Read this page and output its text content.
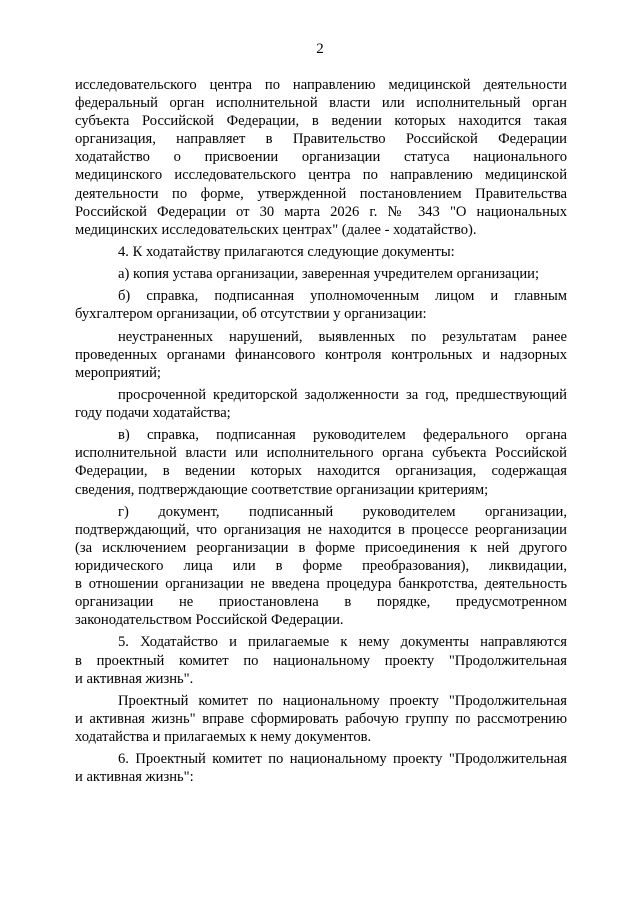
2
исследовательского центра по направлению медицинской деятельности
федеральный орган исполнительной власти или исполнительный орган
субъекта Российской Федерации, в ведении которых находится такая
организация, направляет в Правительство Российской Федерации
ходатайство о присвоении организации статуса национального
медицинского исследовательского центра по направлению медицинской
деятельности по форме, утвержденной постановлением Правительства
Российской Федерации от 30 марта 2026 г. № 343 "О национальных
медицинских исследовательских центрах" (далее - ходатайство).
4. К ходатайству прилагаются следующие документы:
а) копия устава организации, заверенная учредителем организации;
б) справка, подписанная уполномоченным лицом и главным
бухгалтером организации, об отсутствии у организации:
неустраненных нарушений, выявленных по результатам ранее
проведенных органами финансового контроля контрольных и надзорных
мероприятий;
просроченной кредиторской задолженности за год, предшествующий
году подачи ходатайства;
в) справка, подписанная руководителем федерального органа
исполнительной власти или исполнительного органа субъекта Российской
Федерации, в ведении которых находится организация, содержащая
сведения, подтверждающие соответствие организации критериям;
г) документ, подписанный руководителем организации,
подтверждающий, что организация не находится в процессе реорганизации
(за исключением реорганизации в форме присоединения к ней другого
юридического лица или в форме преобразования), ликвидации,
в отношении организации не введена процедура банкротства, деятельность
организации не приостановлена в порядке, предусмотренном
законодательством Российской Федерации.
5. Ходатайство и прилагаемые к нему документы направляются
в проектный комитет по национальному проекту "Продолжительная
и активная жизнь".
Проектный комитет по национальному проекту "Продолжительная
и активная жизнь" вправе сформировать рабочую группу по рассмотрению
ходатайства и прилагаемых к нему документов.
6. Проектный комитет по национальному проекту "Продолжительная
и активная жизнь":
